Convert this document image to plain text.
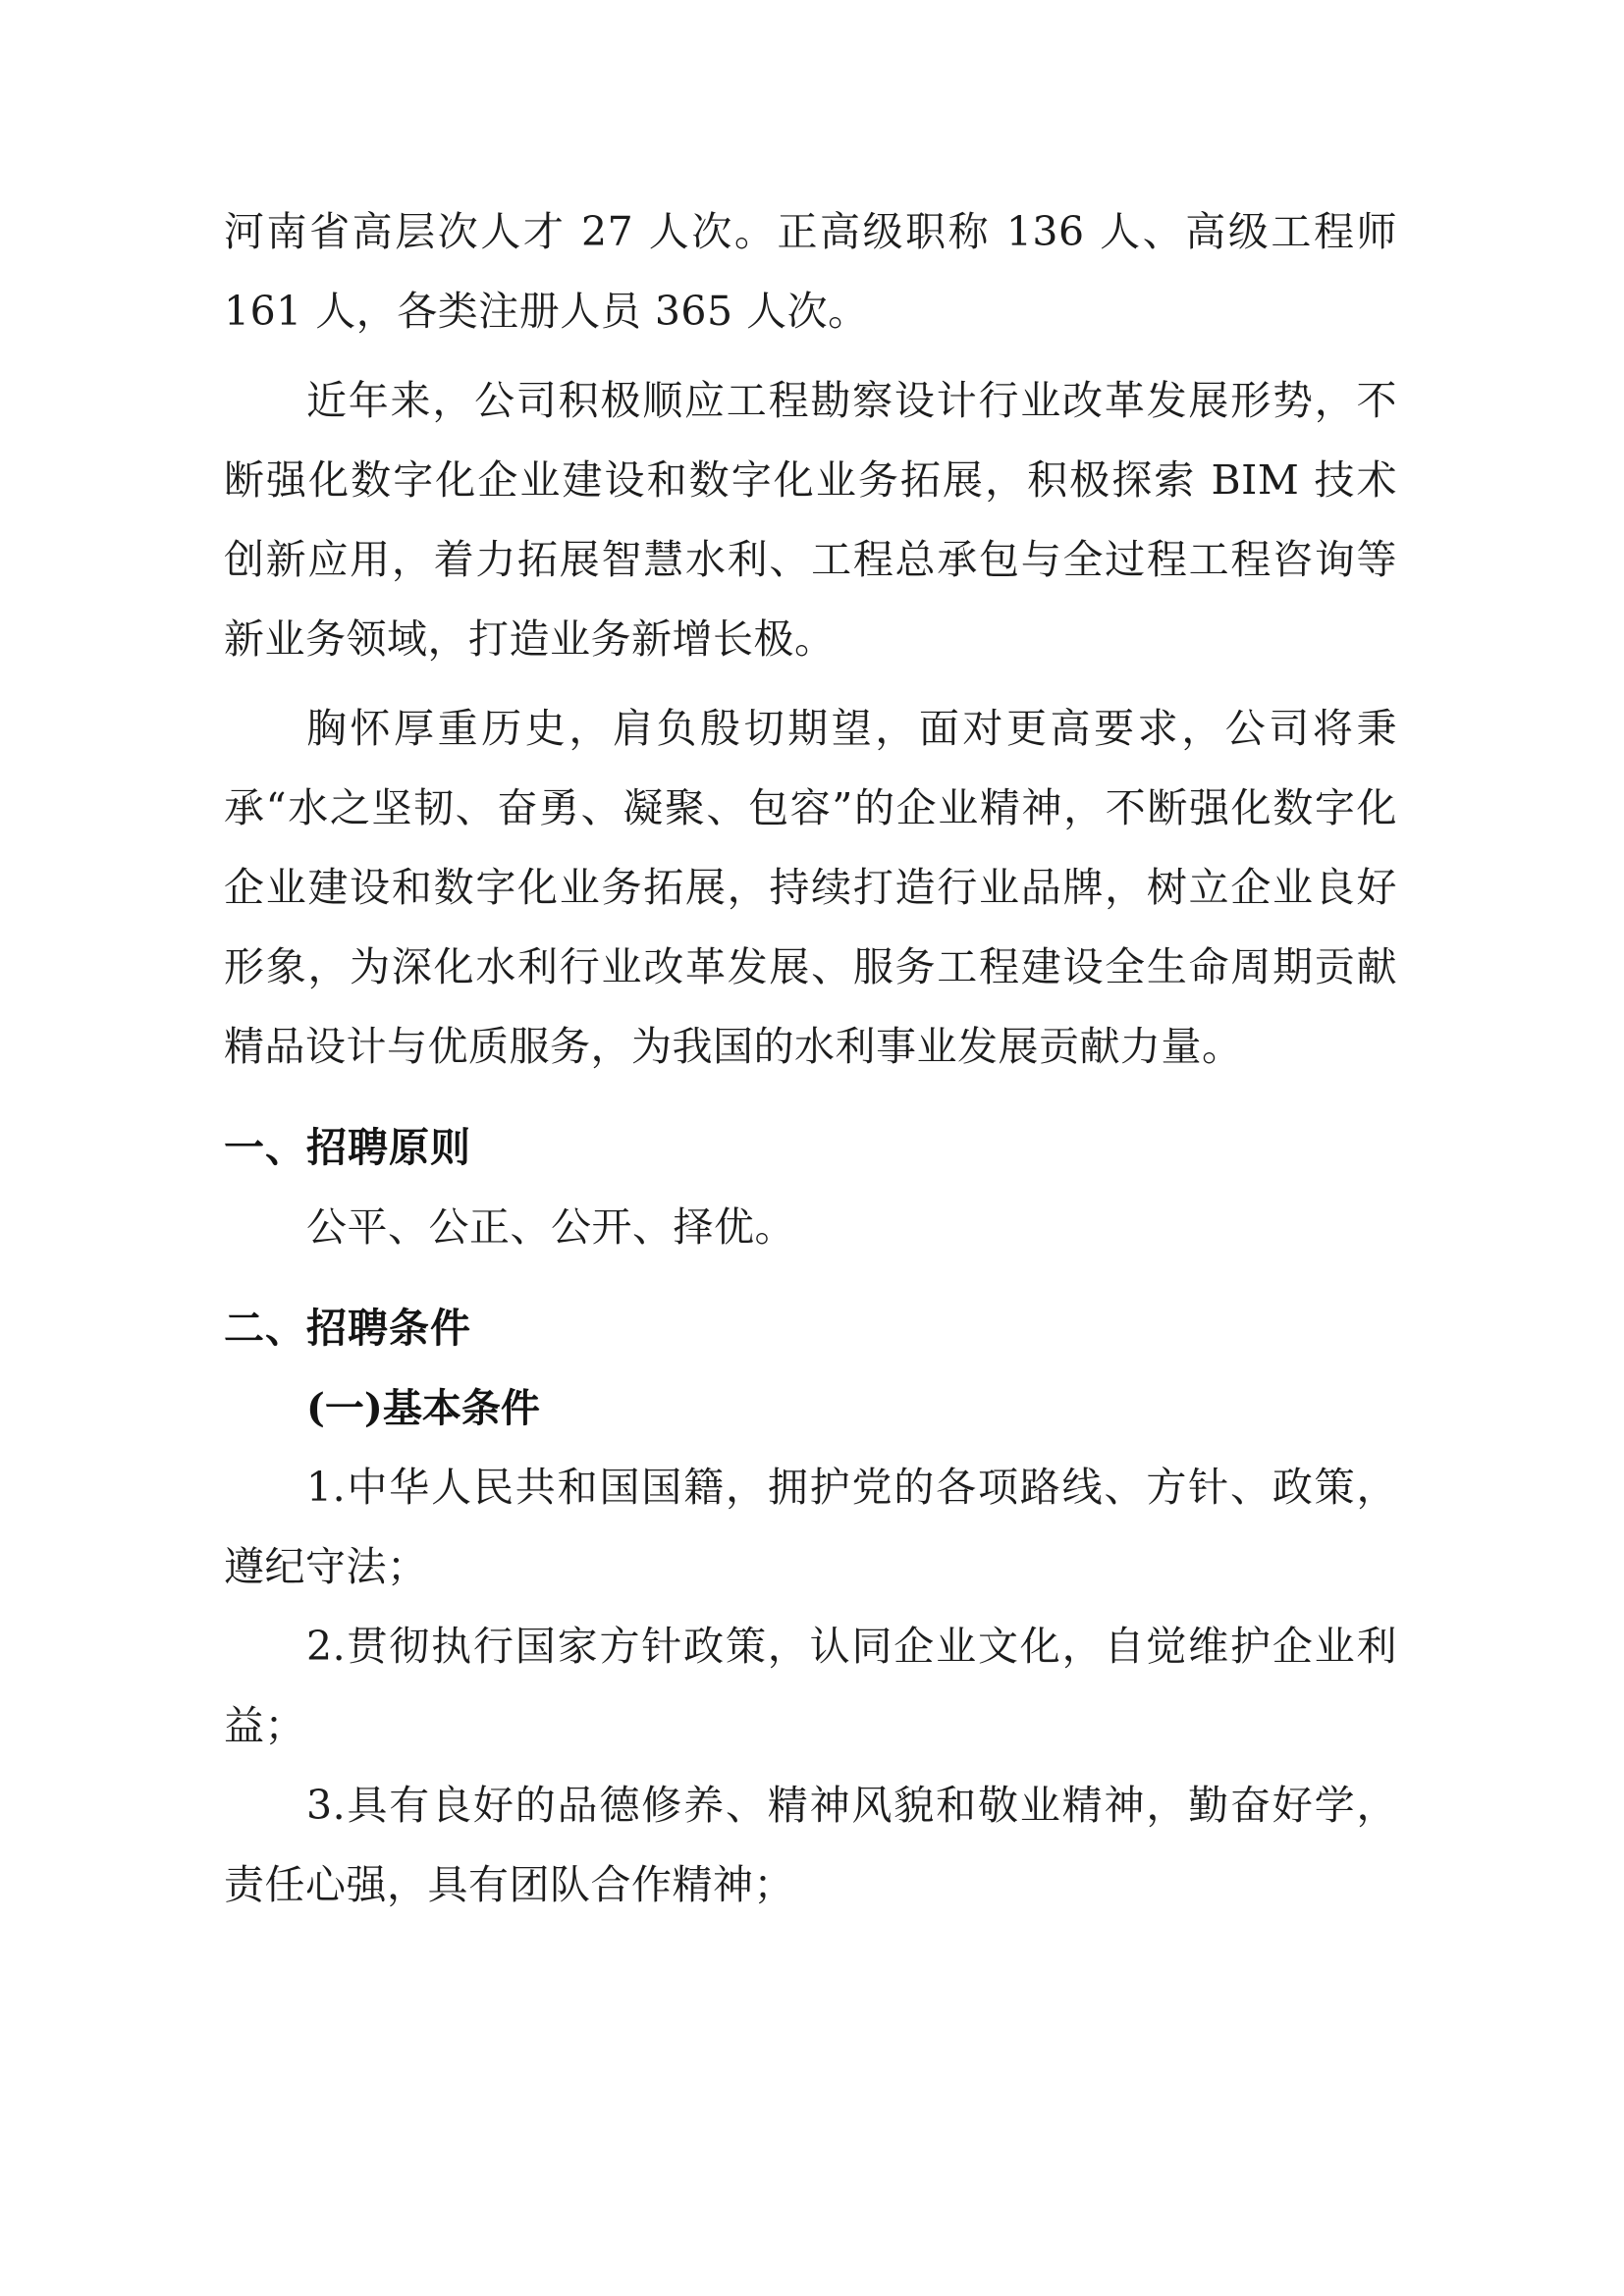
河南省高层次人才 27 人次。正高级职称 136 人、高级工程师 161 人，各类注册人员 365 人次。

近年来，公司积极顺应工程勘察设计行业改革发展形势，不断强化数字化企业建设和数字化业务拓展，积极探索 BIM 技术创新应用，着力拓展智慧水利、工程总承包与全过程工程咨询等新业务领域，打造业务新增长极。

胸怀厚重历史，肩负殷切期望，面对更高要求，公司将秉承“水之坚韧、奋勇、凝聚、包容”的企业精神，不断强化数字化企业建设和数字化业务拓展，持续打造行业品牌，树立企业良好形象，为深化水利行业改革发展、服务工程建设全生命周期贡献精品设计与优质服务，为我国的水利事业发展贡献力量。

一、招聘原则

公平、公正、公开、择优。

二、招聘条件
(一)基本条件

1.中华人民共和国国籍，拥护党的各项路线、方针、政策，遵纪守法；

2.贯彻执行国家方针政策，认同企业文化，自觉维护企业利益；

3.具有良好的品德修养、精神风貌和敬业精神，勤奋好学，责任心强，具有团队合作精神；
